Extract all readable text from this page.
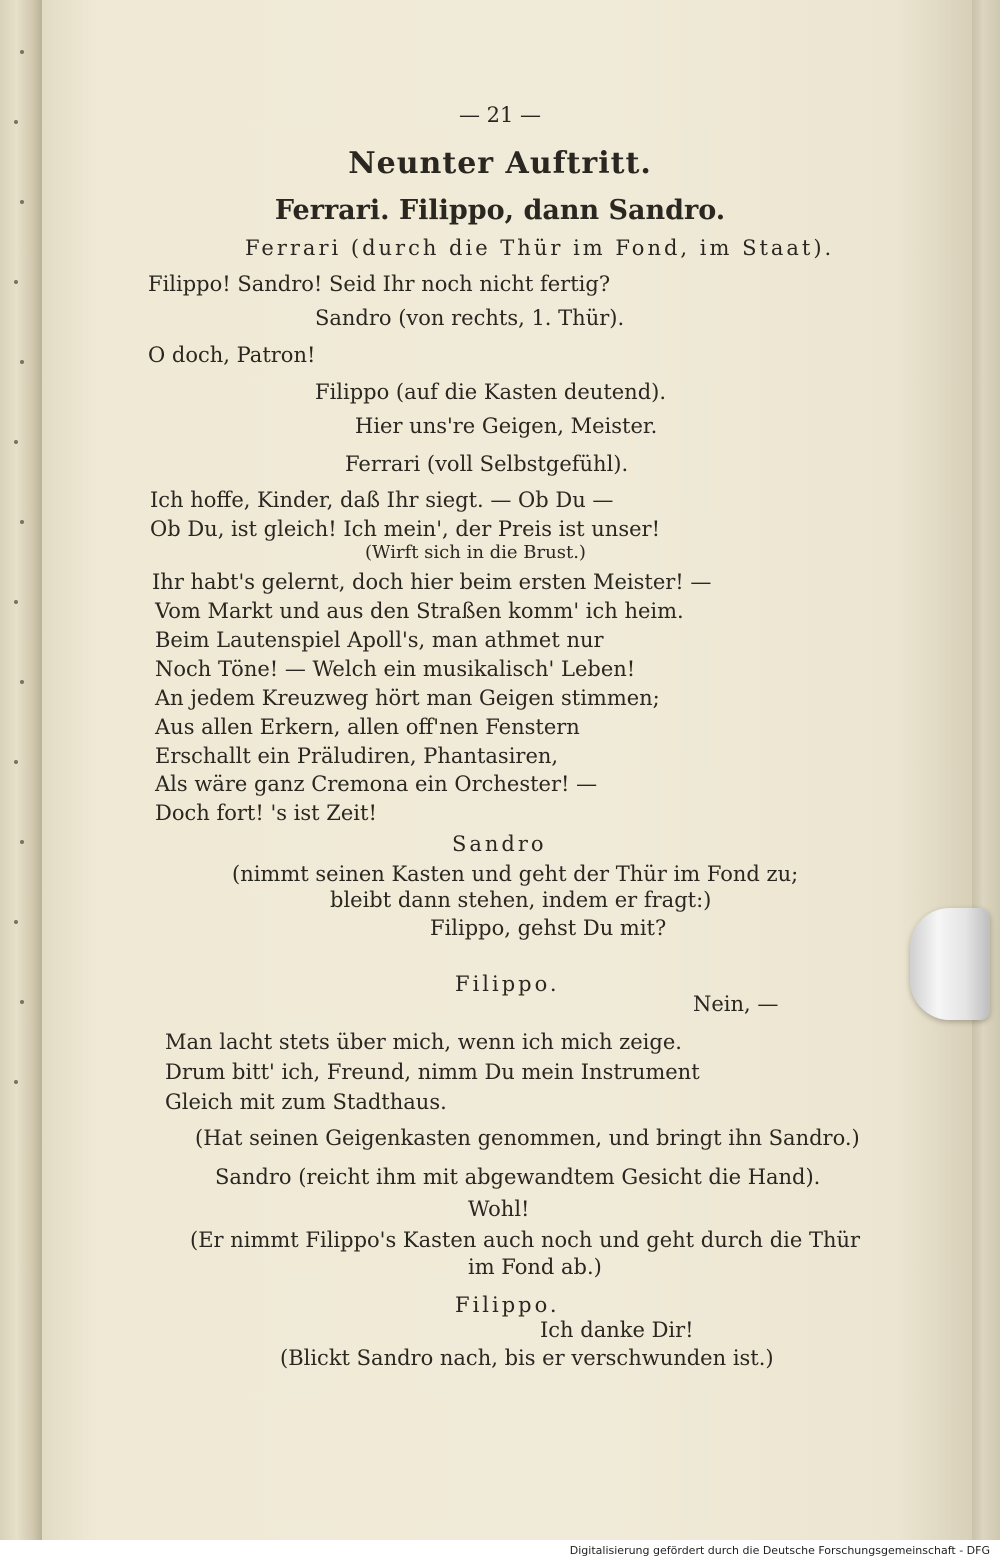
— 21 —
Neunter Auftritt.
Ferrari. Filippo, dann Sandro.
Ferrari (durch die Thür im Fond, im Staat).
Filippo! Sandro! Seid Ihr noch nicht fertig?
Sandro (von rechts, 1. Thür).
O doch, Patron!
Filippo (auf die Kasten deutend).
Hier uns're Geigen, Meister.
Ferrari (voll Selbstgefühl).
Ich hoffe, Kinder, daß Ihr siegt. — Ob Du —
Ob Du, ist gleich! Ich mein', der Preis ist unser!
(Wirft sich in die Brust.)
Ihr habt's gelernt, doch hier beim ersten Meister! —
Vom Markt und aus den Straßen komm' ich heim.
Beim Lautenspiel Apoll's, man athmet nur
Noch Töne! — Welch ein musikalisch' Leben!
An jedem Kreuzweg hört man Geigen stimmen;
Aus allen Erkern, allen off'nen Fenstern
Erschallt ein Präludiren, Phantasiren,
Als wäre ganz Cremona ein Orchester! —
Doch fort! 's ist Zeit!
Sandro
(nimmt seinen Kasten und geht der Thür im Fond zu;
bleibt dann stehen, indem er fragt:)
Filippo, gehst Du mit?
Filippo.
Nein, —
Man lacht stets über mich, wenn ich mich zeige.
Drum bitt' ich, Freund, nimm Du mein Instrument
Gleich mit zum Stadthaus.
(Hat seinen Geigenkasten genommen, und bringt ihn Sandro.)
Sandro (reicht ihm mit abgewandtem Gesicht die Hand).
Wohl!
(Er nimmt Filippo's Kasten auch noch und geht durch die Thür
im Fond ab.)
Filippo.
Ich danke Dir!
(Blickt Sandro nach, bis er verschwunden ist.)
Digitalisierung gefördert durch die Deutsche Forschungsgemeinschaft - DFG
